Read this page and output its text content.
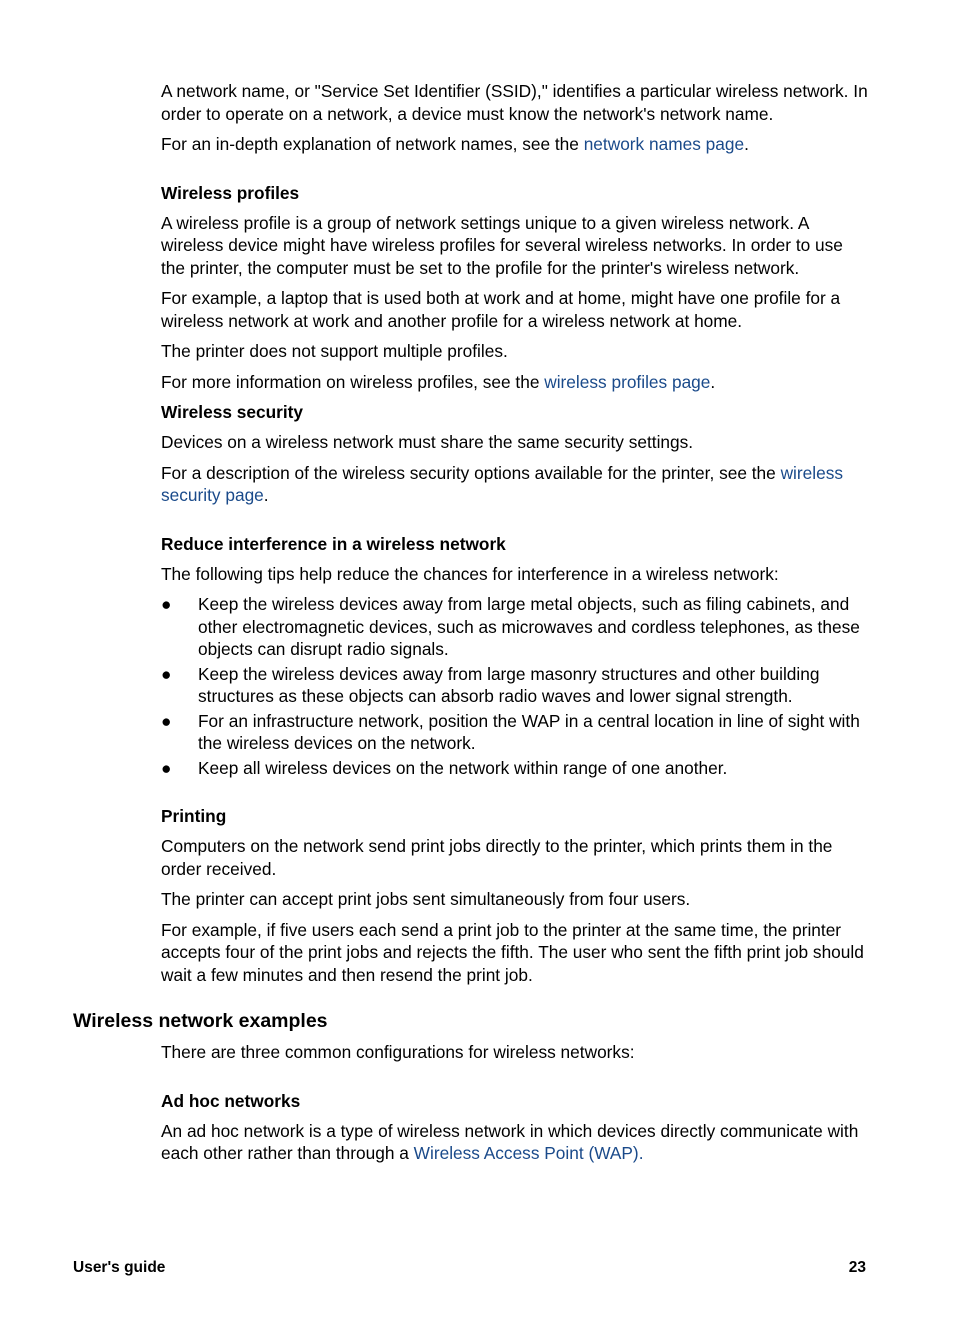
A network name, or "Service Set Identifier (SSID)," identifies a particular wireless network. In order to operate on a network, a device must know the network's network name.

For an in-depth explanation of network names, see the network names page.

Wireless profiles

A wireless profile is a group of network settings unique to a given wireless network. A wireless device might have wireless profiles for several wireless networks. In order to use the printer, the computer must be set to the profile for the printer's wireless network.

For example, a laptop that is used both at work and at home, might have one profile for a wireless network at work and another profile for a wireless network at home.

The printer does not support multiple profiles.

For more information on wireless profiles, see the wireless profiles page.

Wireless security

Devices on a wireless network must share the same security settings.

For a description of the wireless security options available for the printer, see the wireless security page.

Reduce interference in a wireless network

The following tips help reduce the chances for interference in a wireless network:

● Keep the wireless devices away from large metal objects, such as filing cabinets, and other electromagnetic devices, such as microwaves and cordless telephones, as these objects can disrupt radio signals.
● Keep the wireless devices away from large masonry structures and other building structures as these objects can absorb radio waves and lower signal strength.
● For an infrastructure network, position the WAP in a central location in line of sight with the wireless devices on the network.
● Keep all wireless devices on the network within range of one another.
Printing

Computers on the network send print jobs directly to the printer, which prints them in the order received.

The printer can accept print jobs sent simultaneously from four users.

For example, if five users each send a print job to the printer at the same time, the printer accepts four of the print jobs and rejects the fifth. The user who sent the fifth print job should wait a few minutes and then resend the print job.

Wireless network examples

There are three common configurations for wireless networks:

Ad hoc networks

An ad hoc network is a type of wireless network in which devices directly communicate with each other rather than through a Wireless Access Point (WAP).

User's guide	23
